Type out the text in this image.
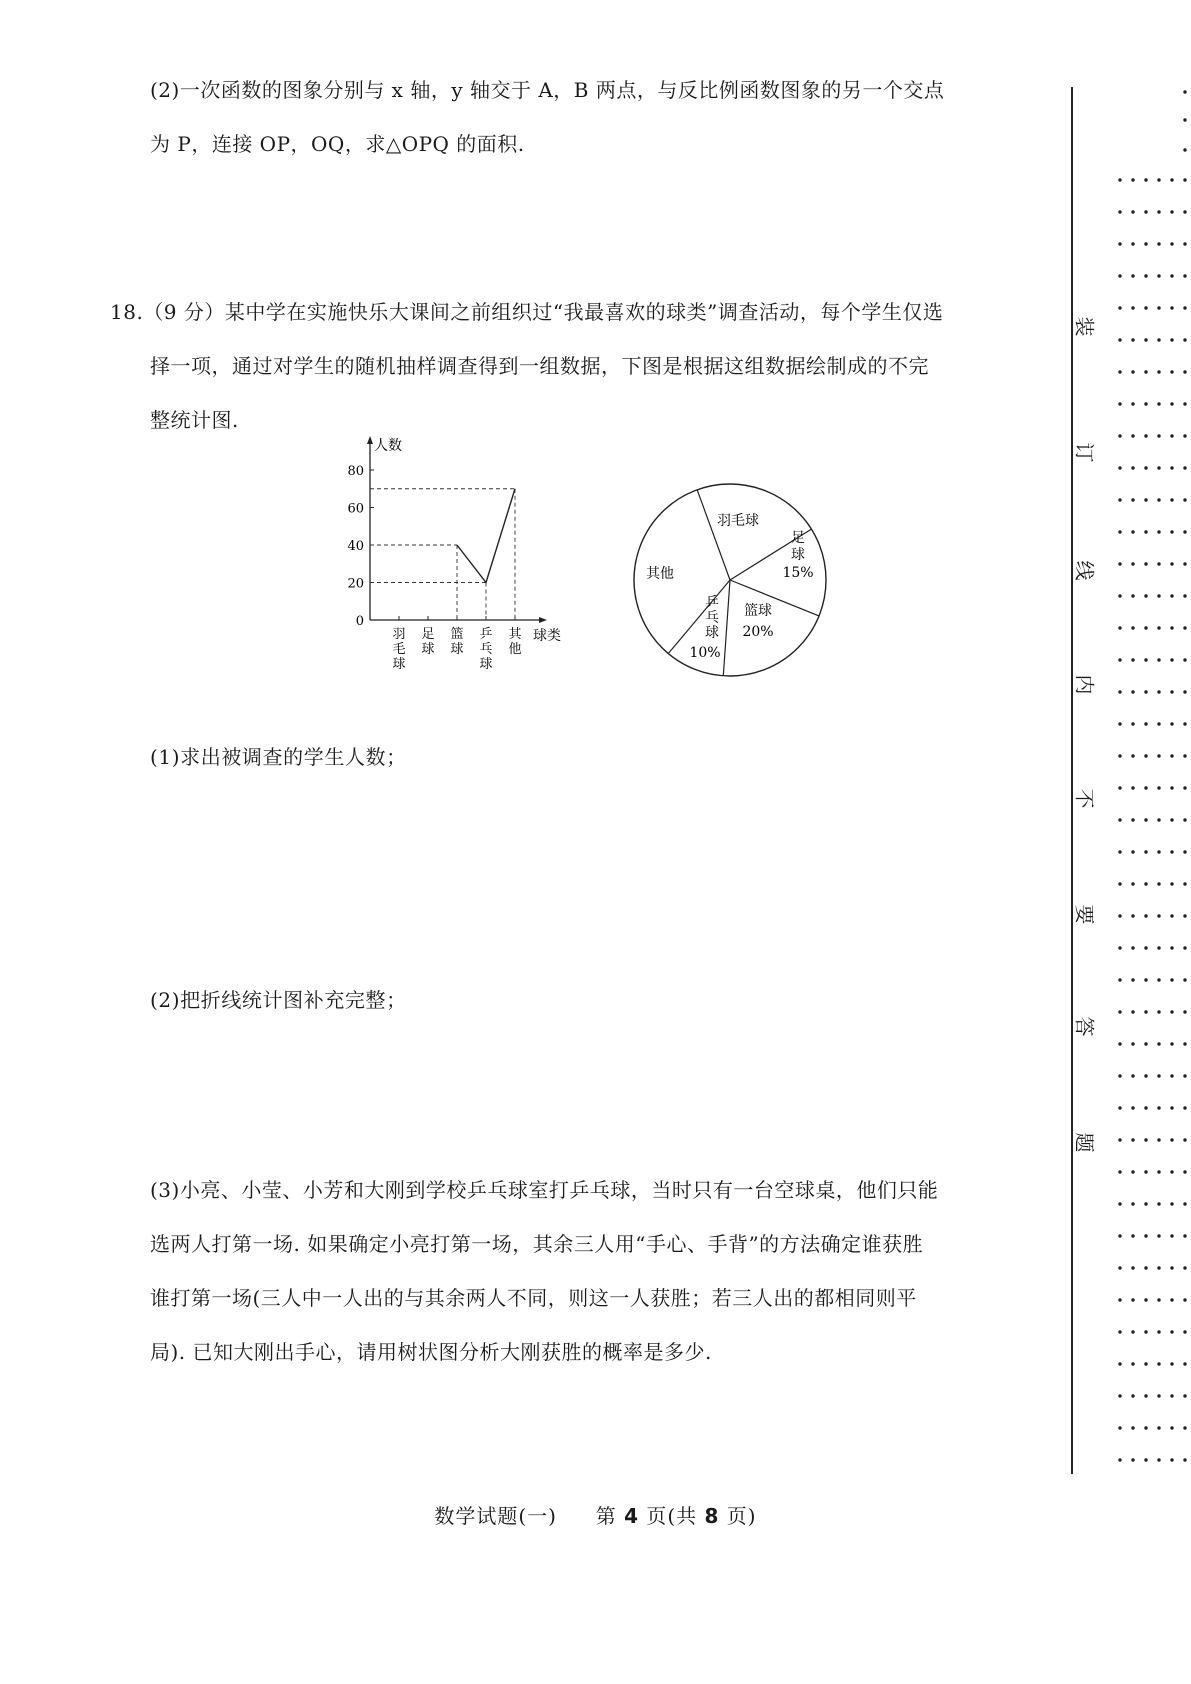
(2)一次函数的图象分别与 x 轴，y 轴交于 A，B 两点，与反比例函数图象的另一个交点
为 P，连接 OP，OQ，求△OPQ 的面积.
18.（9 分）某中学在实施快乐大课间之前组织过“我最喜欢的球类”调查活动，每个学生仅选
择一项，通过对学生的随机抽样调查得到一组数据，下图是根据这组数据绘制成的不完
整统计图.
人数
0
20
40
60
80
羽
毛
球
足
球
篮
球
乒
乓
球
其
他
球类
羽毛球
足
球
15%
篮球
20%
乒
乓
球
10%
其他
(1)求出被调查的学生人数；
(2)把折线统计图补充完整；
(3)小亮、小莹、小芳和大刚到学校乒乓球室打乒乓球，当时只有一台空球桌，他们只能
选两人打第一场. 如果确定小亮打第一场，其余三人用“手心、手背”的方法确定谁获胜
谁打第一场(三人中一人出的与其余两人不同，则这一人获胜；若三人出的都相同则平
局). 已知大刚出手心，请用树状图分析大刚获胜的概率是多少.
数学试题(一) 第 4 页(共 8 页)
装
订
线
内
不
要
答
题
